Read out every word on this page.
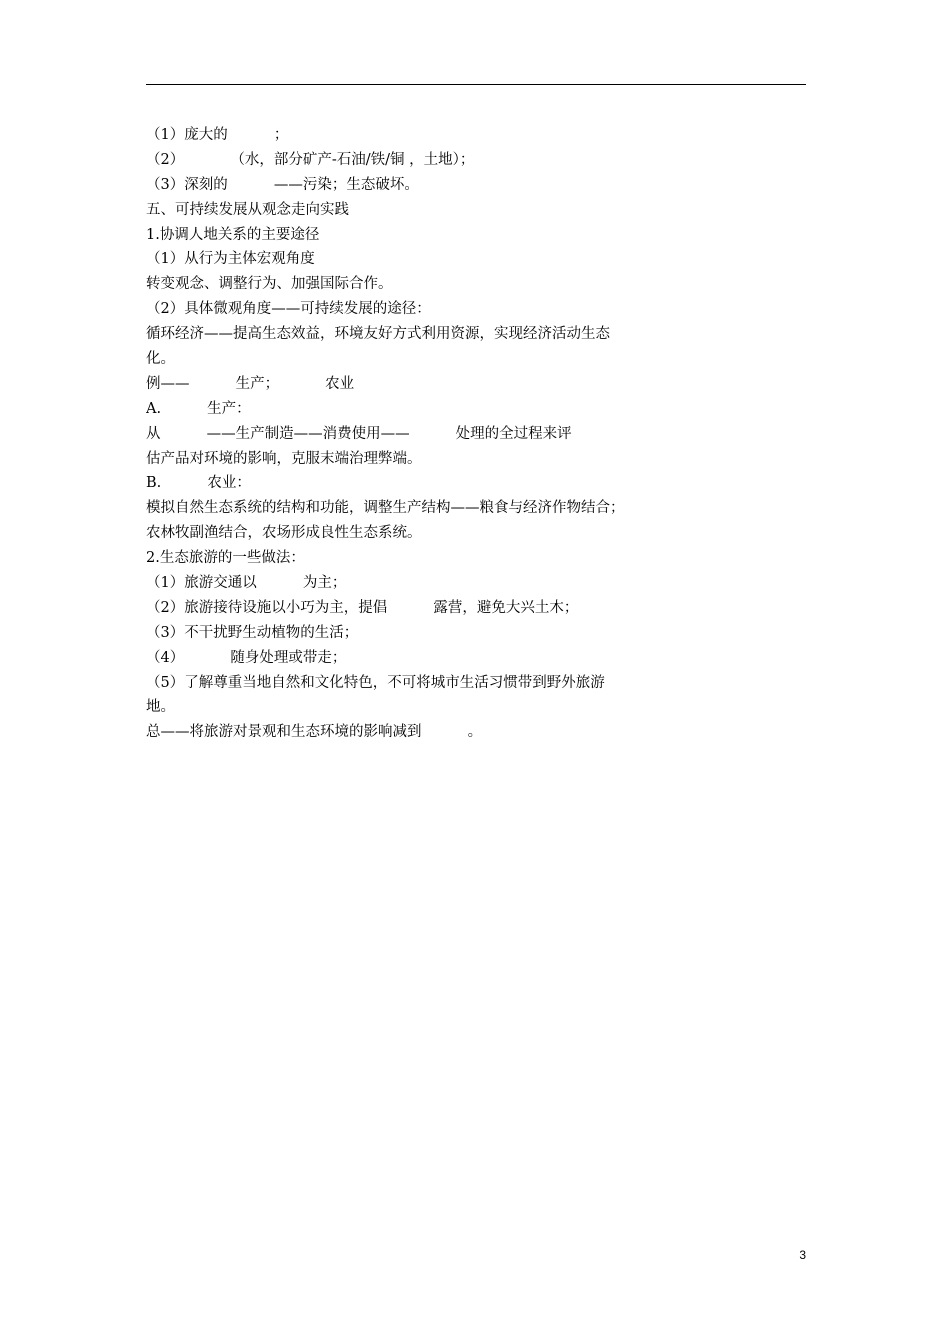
（1）庞大的          ；
（2）          （水，部分矿产-石油/铁/铜 ，土地）；
（3）深刻的          ——污染；生态破坏。
五、可持续发展从观念走向实践
1.协调人地关系的主要途径
（1）从行为主体宏观角度
转变观念、调整行为、加强国际合作。
（2）具体微观角度——可持续发展的途径：
循环经济——提高生态效益，环境友好方式利用资源，实现经济活动生态
化。
例——          生产；          农业
A.          生产：
从          ——生产制造——消费使用——          处理的全过程来评
估产品对环境的影响，克服末端治理弊端。
B.          农业：
模拟自然生态系统的结构和功能，调整生产结构——粮食与经济作物结合；
农林牧副渔结合，农场形成良性生态系统。
2.生态旅游的一些做法：
（1）旅游交通以          为主；
（2）旅游接待设施以小巧为主，提倡          露营，避免大兴土木；
（3）不干扰野生动植物的生活；
（4）          随身处理或带走；
（5）了解尊重当地自然和文化特色，不可将城市生活习惯带到野外旅游
地。
总——将旅游对景观和生态环境的影响减到          。
3
